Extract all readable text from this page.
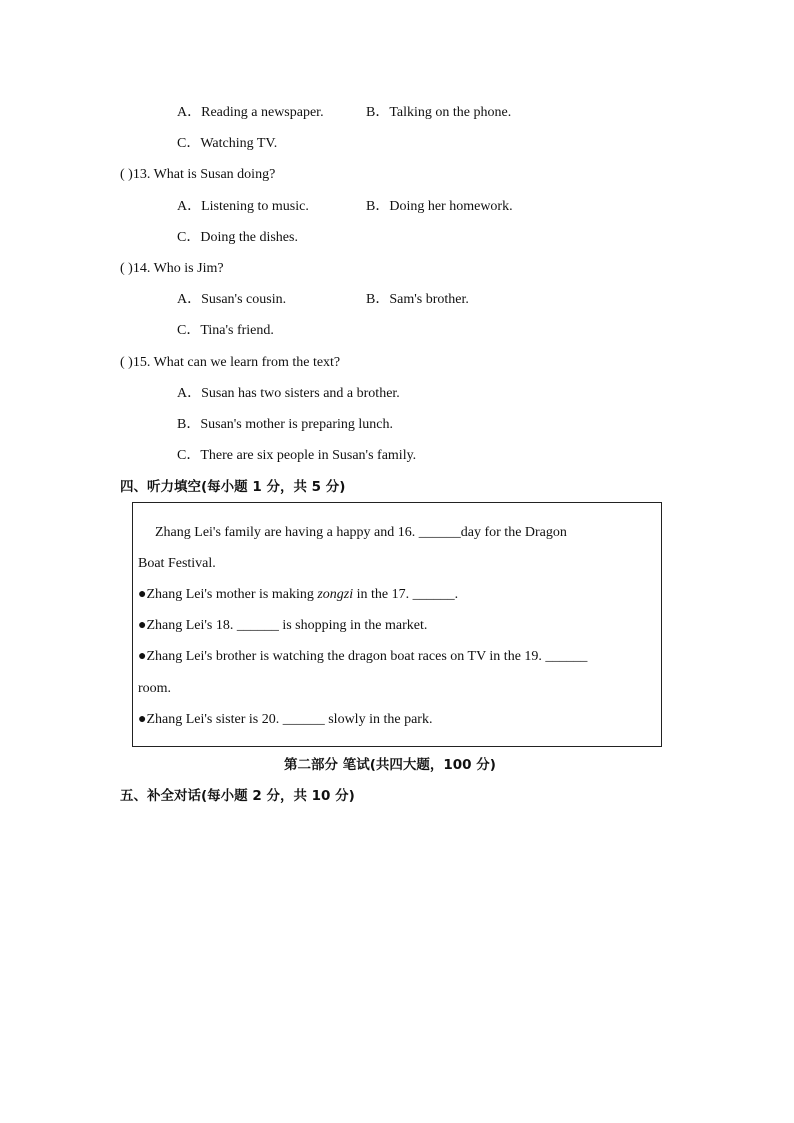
A．Reading a newspaper.	B．Talking on the phone.
C．Watching TV.
( )13. What is Susan doing?
A．Listening to music.	B．Doing her homework.
C．Doing the dishes.
( )14. Who is Jim?
A．Susan's cousin.	B．Sam's brother.
C．Tina's friend.
( )15. What can we learn from the text?
A．Susan has two sisters and a brother.
B．Susan's mother is preparing lunch.
C．There are six people in Susan's family.
四、听力填空(每小题 1 分，共 5 分)
Zhang Lei's family are having a happy and 16. ______day for the Dragon
Boat Festival.
●Zhang Lei's mother is making zongzi in the 17. ______.
●Zhang Lei's 18. ______ is shopping in the market.
●Zhang Lei's brother is watching the dragon boat races on TV in the 19. ______
room.
●Zhang Lei's sister is 20. ______ slowly in the park.
第二部分 笔试(共四大题，100 分)
五、补全对话(每小题 2 分，共 10 分)
